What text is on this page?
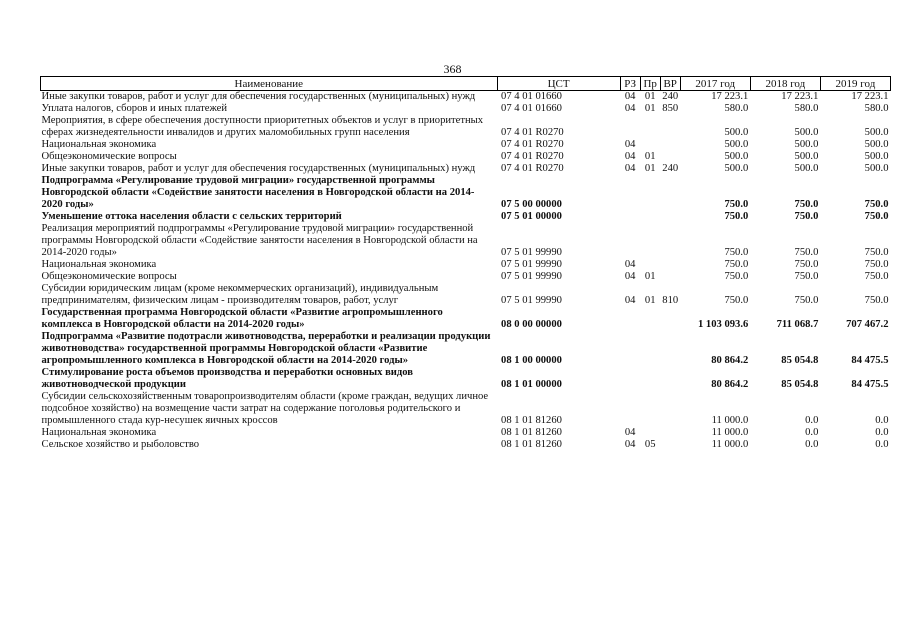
368
Наименование	ЦСТ	РЗ	Пр	ВР	2017 год	2018 год	2019 год
Иные закупки товаров, работ и услуг для обеспечения государственных (муниципальных) нужд	07 4 01 01660	04	01	240	17 223.1	17 223.1	17 223.1
Уплата налогов, сборов и иных платежей	07 4 01 01660	04	01	850	580.0	580.0	580.0
Мероприятия, в сфере обеспечения доступности приоритетных объектов и услуг в приоритетных сферах жизнедеятельности инвалидов и других маломобильных групп населения	07 4 01 R0270				500.0	500.0	500.0
Национальная экономика	07 4 01 R0270	04			500.0	500.0	500.0
Общеэкономические вопросы	07 4 01 R0270	04	01		500.0	500.0	500.0
Иные закупки товаров, работ и услуг для обеспечения государственных (муниципальных) нужд	07 4 01 R0270	04	01	240	500.0	500.0	500.0
Подпрограмма «Регулирование трудовой миграции» государственной программы Новгородской области «Содействие занятости населения в Новгородской области на 2014-2020 годы»	07 5 00 00000				750.0	750.0	750.0
Уменьшение оттока населения области с сельских территорий	07 5 01 00000				750.0	750.0	750.0
Реализация мероприятий подпрограммы «Регулирование трудовой миграции» государственной программы Новгородской области «Содействие занятости населения в Новгородской области на 2014-2020 годы»	07 5 01 99990				750.0	750.0	750.0
Национальная экономика	07 5 01 99990	04			750.0	750.0	750.0
Общеэкономические вопросы	07 5 01 99990	04	01		750.0	750.0	750.0
Субсидии юридическим лицам (кроме некоммерческих организаций), индивидуальным предпринимателям, физическим лицам - производителям товаров, работ, услуг	07 5 01 99990	04	01	810	750.0	750.0	750.0
Государственная программа Новгородской области «Развитие агропромышленного комплекса в Новгородской области на 2014-2020 годы»	08 0 00 00000				1 103 093.6	711 068.7	707 467.2
Подпрограмма «Развитие подотрасли животноводства, переработки и реализации продукции животноводства» государственной программы Новгородской области «Развитие агропромышленного комплекса в Новгородской области на 2014-2020 годы»	08 1 00 00000				80 864.2	85 054.8	84 475.5
Стимулирование роста объемов производства и переработки основных видов животноводческой продукции	08 1 01 00000				80 864.2	85 054.8	84 475.5
Субсидии сельскохозяйственным товаропроизводителям области (кроме граждан, ведущих личное подсобное хозяйство) на возмещение части затрат на содержание поголовья родительского и промышленного стада кур-несушек яичных кроссов	08 1 01 81260				11 000.0	0.0	0.0
Национальная экономика	08 1 01 81260	04			11 000.0	0.0	0.0
Сельское хозяйство и рыболовство	08 1 01 81260	04	05		11 000.0	0.0	0.0
